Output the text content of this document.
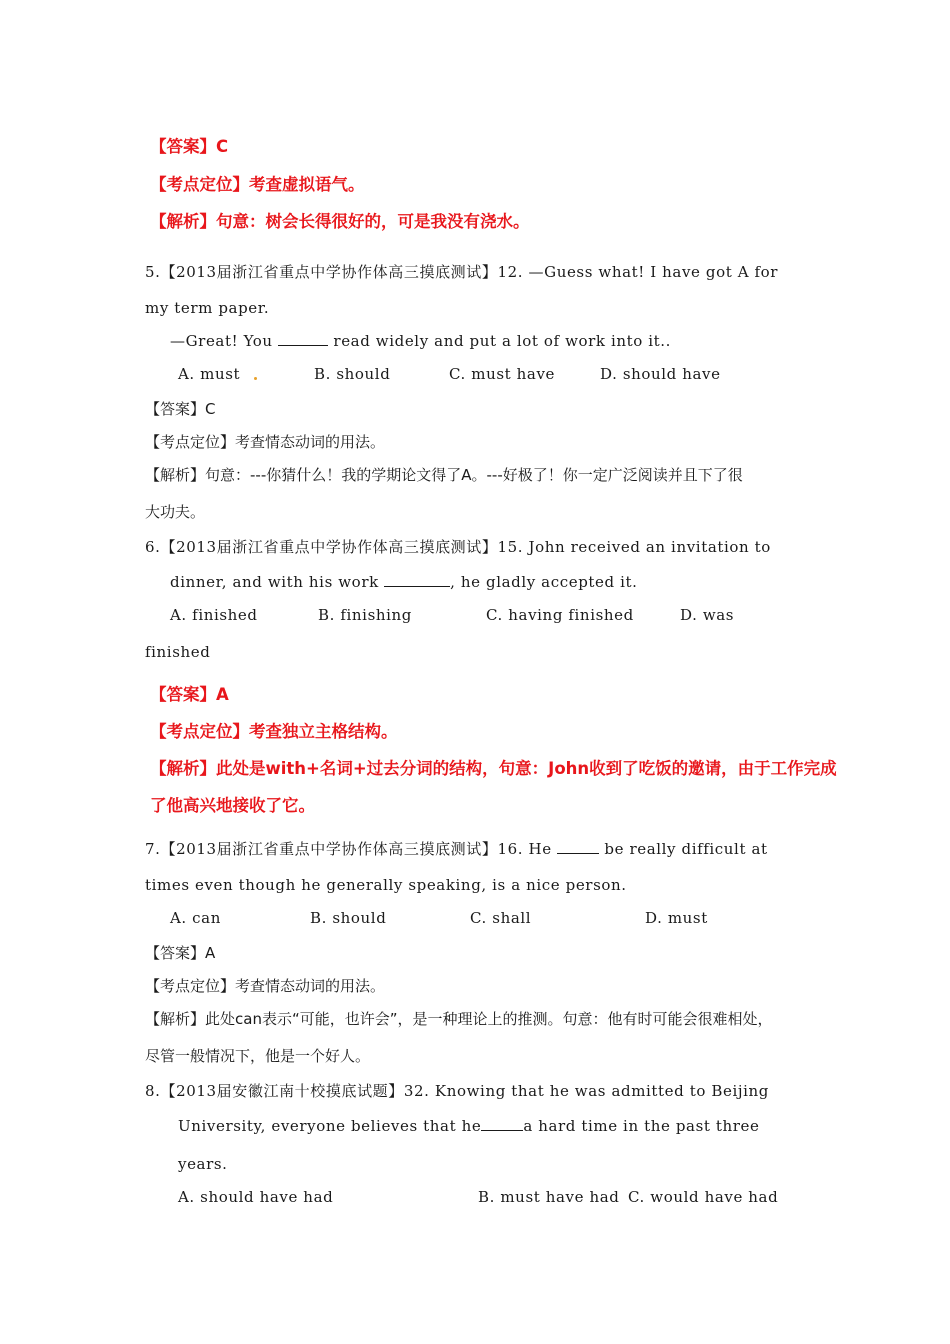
【答案】C
【考点定位】考查虚拟语气。
【解析】句意：树会长得很好的，可是我没有浇水。
5.【2013届浙江省重点中学协作体高三摸底测试】12. —Guess what! I have got A for
my term paper.
—Great! You	read widely and put a lot of work into it..
A. must	B. should	C. must have	D. should have
【答案】C
【考点定位】考查情态动词的用法。
【解析】句意：---你猜什么！我的学期论文得了A。---好极了！你一定广泛阅读并且下了很
大功夫。
6.【2013届浙江省重点中学协作体高三摸底测试】15. John received an invitation to
dinner, and with his work	, he gladly accepted it.
A. finished	B. finishing	C. having finished	D. was
finished
【答案】A
【考点定位】考查独立主格结构。
【解析】此处是with+名词+过去分词的结构，句意：John收到了吃饭的邀请，由于工作完成
了他高兴地接收了它。
7.【2013届浙江省重点中学协作体高三摸底测试】16. He	be really difficult at
times even though he generally speaking, is a nice person.
A. can	B. should	C. shall	D. must
【答案】A
【考点定位】考查情态动词的用法。
【解析】此处can表示“可能，也许会”，是一种理论上的推测。句意：他有时可能会很难相处，
尽管一般情况下，他是一个好人。
8.【2013届安徽江南十校摸底试题】32. Knowing that he was admitted to Beijing
University, everyone believes that he	a hard time in the past three
years.
A. should have had	B. must have had C. would have had
